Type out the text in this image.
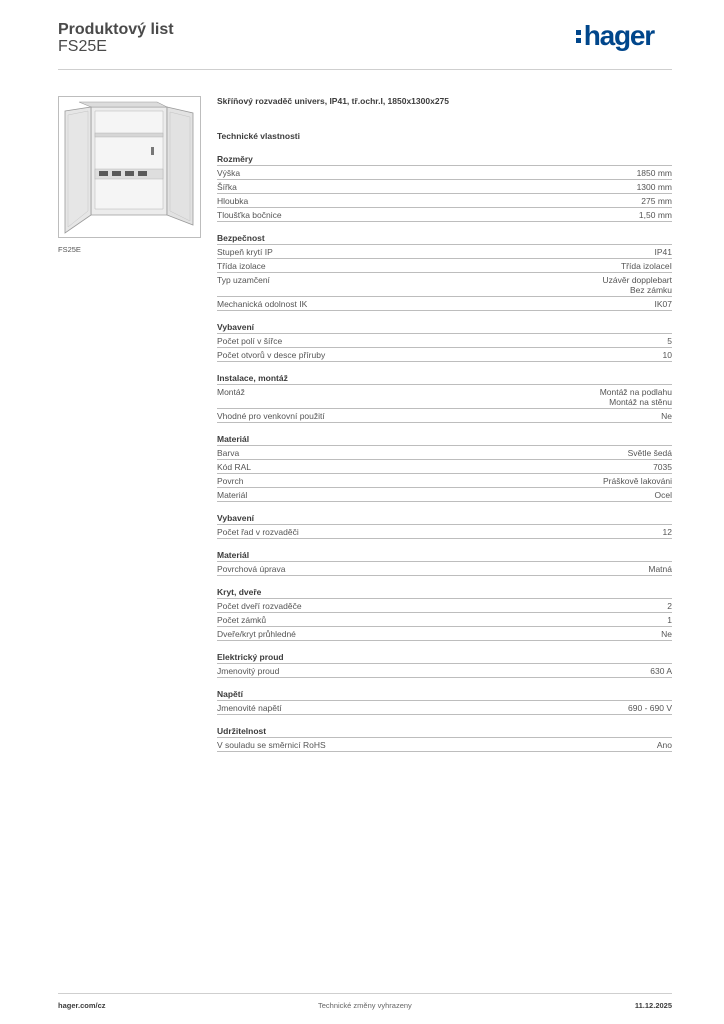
Produktový list
FS25E	hager
FS25E
Skříňový rozvaděč univers, IP41, tř.ochr.I, 1850x1300x275
Technické vlastnosti
Rozměry
Výška	1850 mm
Šířka	1300 mm
Hloubka	275 mm
Tloušťka bočnice	1,50 mm
Bezpečnost
Stupeň krytí IP	IP41
Třída izolace	Třída izolaceI
Typ uzamčení	Uzávěr dopplebart
Bez zámku
Mechanická odolnost IK	IK07
Vybavení
Počet polí v šířce	5
Počet otvorů v desce příruby	10
Instalace, montáž
Montáž	Montáž na podlahu
Montáž na stěnu
Vhodné pro venkovní použití	Ne
Materiál
Barva	Světle šedá
Kód RAL	7035
Povrch	Práškově lakováni
Materiál	Ocel
Vybavení
Počet řad v rozvaděči	12
Materiál
Povrchová úprava	Matná
Kryt, dveře
Počet dveří rozvaděče	2
Počet zámků	1
Dveře/kryt průhledné	Ne
Elektrický proud
Jmenovitý proud	630 A
Napětí
Jmenovité napětí	690 - 690 V
Udržitelnost
V souladu se směrnicí RoHS	Ano
hager.com/cz	Technické změny vyhrazeny	11.12.2025
